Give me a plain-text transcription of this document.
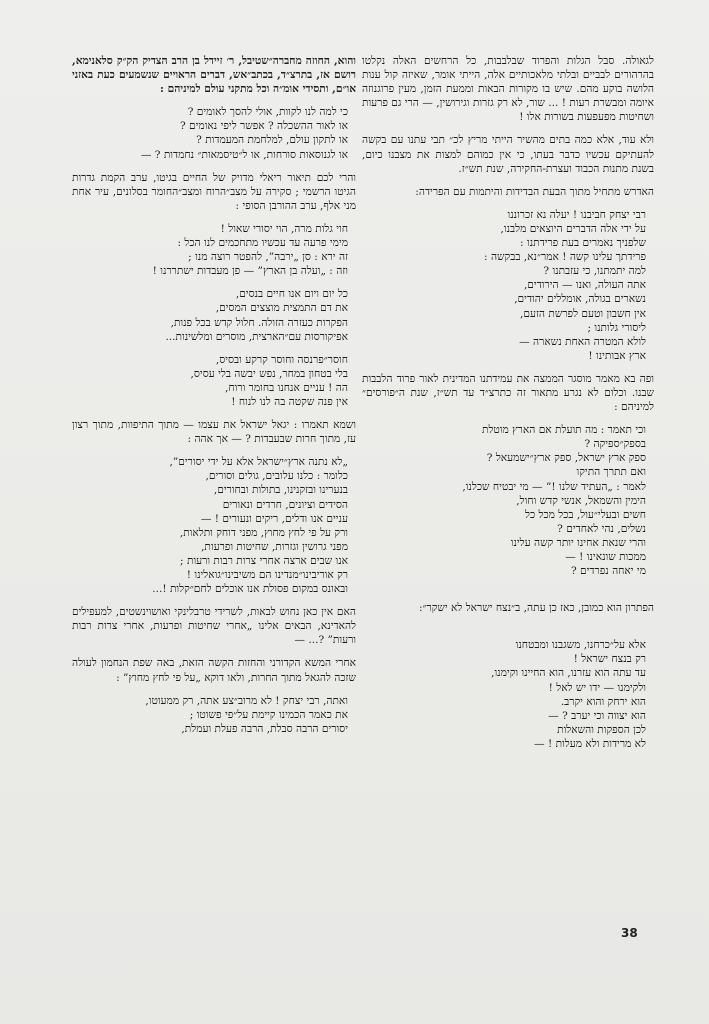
לגאולה. סבל הגלות והפרוד שבלבבות, כל הרחשים האלה נקלטו בהרהורים לבביים ובלתי מלאכותיים אלה, הייתי אומר, שאיזה קול ענות הלושה בוקע מהם. שיש בו מקורות הבאות וממעת הזמן, מעין פרוגנוזה איומה ומבשרת רעות ! ... שור, לא רק גזרות וגירושין, — הרי גם פרעות ושחיטות מפעפעות בשורות אלו !

ולא עוד, אלא כמה בתים מהשיר הייתי מריץ לכ״ תבי עתנו עם בקשה להעתיקם עכשיו כדבר בעתו, כי אין כמוהם למצות את מצבנו כיום, בשנת מתנות הכבוד ועצרת-החקירה, שנת תש״ז.

האדרש מתחיל מתוך הבעת הבדידות והיתמות עם הפרידה:

רבי יצחק חביבנו ! יעלה נא זכרוננו
על ידי אלה הדברים היוצאים מלבנו,
שלפניך נאמרים בעת פרידתנו :
פרידתך עלינו קשה ! אמר״נא, בבקשה :
למה יתמתנו, כי עזבתנו ?
אתה העולה, ואנו — הירודים,
נשארים בגולה, אומללים יהודים,
אין חשבון וטעם לפרשת הזעם,
ליסורי גלותנו ;
לולא המטרה האחת נשארה —
ארץ אבותינו !

ופה בא מאמר מוסגר הממצה את עמידתנו המדינית לאור פרוד הלבבות שבנו. וכלום לא נגרע מתאור זה כתרצ״ד עד תש״ז, שנת ה״פורסים״ למיניהם :

וכי תאמר : מה תועלת אם הארץ מוטלת
בספק״ספיקה ?
ספק ארץ ישראל, ספק ארץ״ישמעאל ?
ואם תתרך התיקו
לאמר : „העתיד שלנו !” — מי יבטיח שכלנו,
הימין והשמאל, אנשי קדש וחול,
חשים ובעלי״עול, בכל מכל כל
נשלים, נהי לאחדים ?
והרי שנאת אחינו יותר קשה עלינו
ממכות שונאינו ! —
מי יאחה נפרדים ?

הפתרון הוא כמובן, כאז כן עתה, ב״נצח ישראל לא ישקר״:

אלא על״כרחנו, משגבנו ומבטחנו
רק בנצח ישראל !
עד עתה הוא עזרנו, הוא החיינו וקימנו,
ולקימנו — ידו יש לאל !
הוא ירחק והוא יקרב.
הוא יצווה וכי יערב ? —
לכן הספקות והשאלות
לא מרידות ולא מעלות ! —

והוא, החוזה מחברה״שטיבל, ר׳ זיידל בן הרב הצדיק הק״ק סלאנימא, רושם אז, בתרצ״ד, בכתב״אש, דברים הראויים שנשמעים כעת באזני או״ם, ותסידי אומ״ה וכל מתקני עולם למיניהם :

כי למה לנו לקוות, אולי להסך לאומים ?
או לאור ההשכלה ? אפשר ליפי נאומים ?
או לתקון עולם, למלחמת המעמדות ?
או לגנוסאות סורחות, או ל״טיסמאות״ נחמדות ? —

והרי לכם תיאור ריאלי מדויק של החיים בגיטו, ערב הקמת גדרות הגיטו הרשמי ; סקירה על מצב״הרוח ומצב״החומר בסלונים, עיר אחת מני אלף, ערב ההורבן הסופי :

חוי גלות מרה, הוי יסורי שאול !
מימי פרעה עד עכשיו מתחכמים לנו הכל :
זה ירא : סן „ירבה”, להפטר רוצה מנו ;
וזה : „ועלה בן הארץ” — פן מעבדות ישתררנו !
כל יום ויום אנו חיים בנסים,
את דם התמצית מוצצים המסים,
הפקרות כעזרה הזולה. חלול קדש בכל פנות,
אפיקורסות עם״הארצית, מוסרים ומלשינות...
חוסר״פרנסה וחוסר קרקע ובסיס,
בלי בטחון במחר, נפש יבשה בלי עסיס,
הה ! עניים אנחנו בחומר ורוח,
אין פנה שקטה בה לנו לנוח !

ושמא תאמרו : יגאל ישראל את עצמו — מתוך התיפוות, מתוך רצון עז, מתוך חרות שבעבדות ? — אך אהה :

„לא נתנה ארץ״ישראל אלא על ידי יסורים”,
כלומר : כלנו עלובים, גולים וסורים,
בנערינו ובזקנינו, בתולות ובחורים,
הסידים וציונים, חרדים ונאורים
עניים אנו ודלים, ריקים ונעורים ! —
ורק על פי לחץ מחוץ, מפני דוחק ותלאות,
מפני גרושין וגזרות, שחיטות ופרעות,
אנו שבים ארצה אחרי צרות רבות ורעות ;
רק אוריבינו״מנדינו הם משיבינו״גואלינו !
ובאונס במקום פסולת אנו אוכלים לחם״קלות !...

האם אין כאן נחוש לבאות, לשרידי טרבלינקי ואושוינשטים, למעפילים להאדינא, הבאים אלינו „אחרי שחיטות ופרעות, אחרי צרות רבות ורעות” ?... —

אחרי המשא הקדורני והחזות הקשה הזאת, באה שפת הנחמון לעולה שזכה להגאל מתוך החרות, ולאו דוקא „על פי לחץ מחוץ” :

ואתה, רבי יצחק ! לא מרוב״צע אתה, רק ממעוטו,
את כאמר הכמינו קיימת על״פי פשוטו ;
יסורים הרבה סבלת, הרבה פעלת ועמלת,
38
